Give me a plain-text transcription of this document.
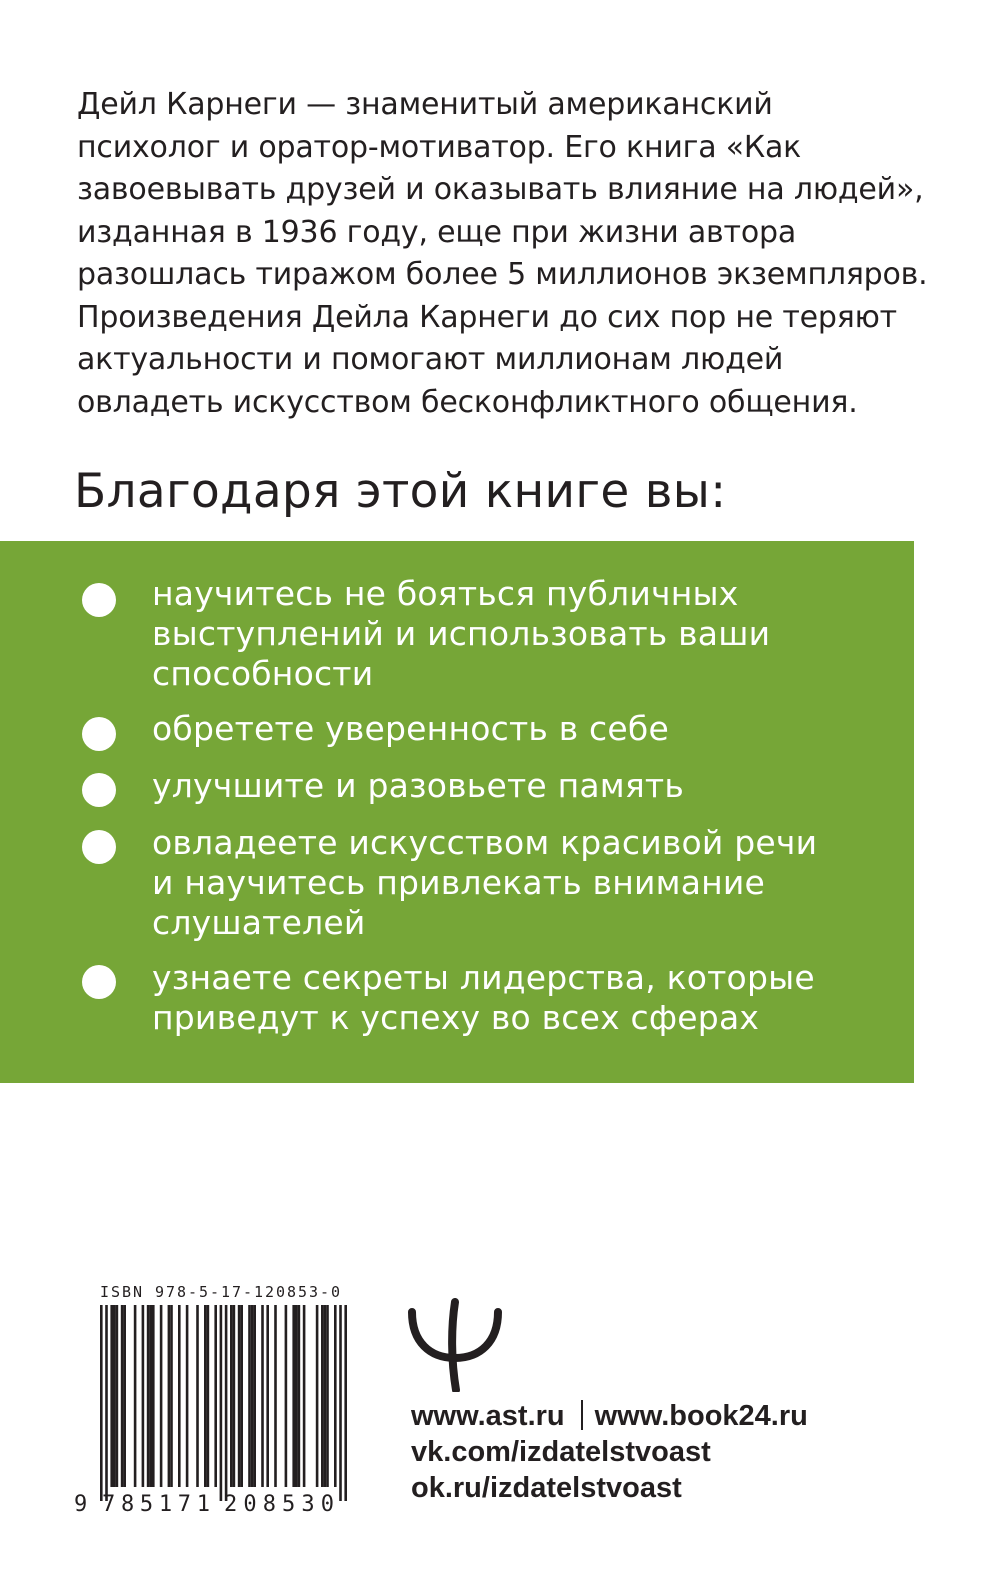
Дейл Карнеги — знаменитый американский
психолог и оратор-мотиватор. Его книга «Как
завоевывать друзей и оказывать влияние на людей»,
изданная в 1936 году, еще при жизни автора
разошлась тиражом более 5 миллионов экземпляров.
Произведения Дейла Карнеги до сих пор не теряют
актуальности и помогают миллионам людей
овладеть искусством бесконфликтного общения.
Благодаря этой книге вы:
научитесь не бояться публичных
выступлений и использовать ваши
способности
обретете уверенность в себе
улучшите и разовьете память
овладеете искусством красивой речи
и научитесь привлекать внимание
слушателей
узнаете секреты лидерства, которые
приведут к успеху во всех сферах
ISBN 978-5-17-120853-0
9 785171 208530
www.ast.ru www.book24.ru
vk.com/izdatelstvoast
ok.ru/izdatelstvoast
